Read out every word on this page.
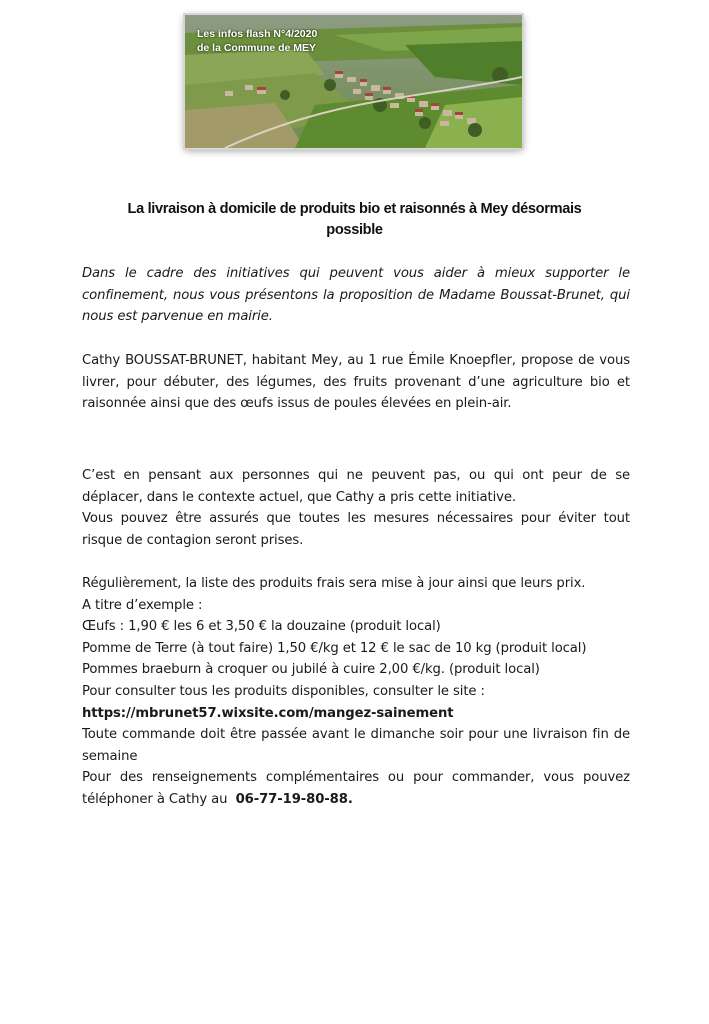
Les infos flash N°4/2020
de la Commune de MEY
La livraison à domicile de produits bio et raisonnés à Mey désormais
possible
Dans le cadre des initiatives qui peuvent vous aider à mieux supporter le confinement, nous vous présentons la proposition de Madame Boussat-Brunet, qui nous est parvenue en mairie.
Cathy BOUSSAT-BRUNET, habitant Mey, au 1 rue Émile Knoepfler, propose de vous livrer, pour débuter, des légumes, des fruits provenant d’une agriculture bio et raisonnée ainsi que des œufs issus de poules élevées en plein-air.
C’est en pensant aux personnes qui ne peuvent pas, ou qui ont peur de se déplacer, dans le contexte actuel, que Cathy a pris cette initiative.
Vous pouvez être assurés que toutes les mesures nécessaires pour éviter tout risque de contagion seront prises.
Régulièrement, la liste des produits frais sera mise à jour ainsi que leurs prix.
A titre d’exemple :
Œufs : 1,90 € les 6 et 3,50 € la douzaine (produit local)
Pomme de Terre (à tout faire) 1,50 €/kg et 12 € le sac de 10 kg (produit local)
Pommes braeburn à croquer ou jubilé à cuire 2,00 €/kg. (produit local)
Pour consulter tous les produits disponibles, consulter le site :
https://mbrunet57.wixsite.com/mangez-sainement
Toute commande doit être passée avant le dimanche soir pour une livraison fin de semaine
Pour des renseignements complémentaires ou pour commander, vous pouvez téléphoner à Cathy au 06-77-19-80-88.
